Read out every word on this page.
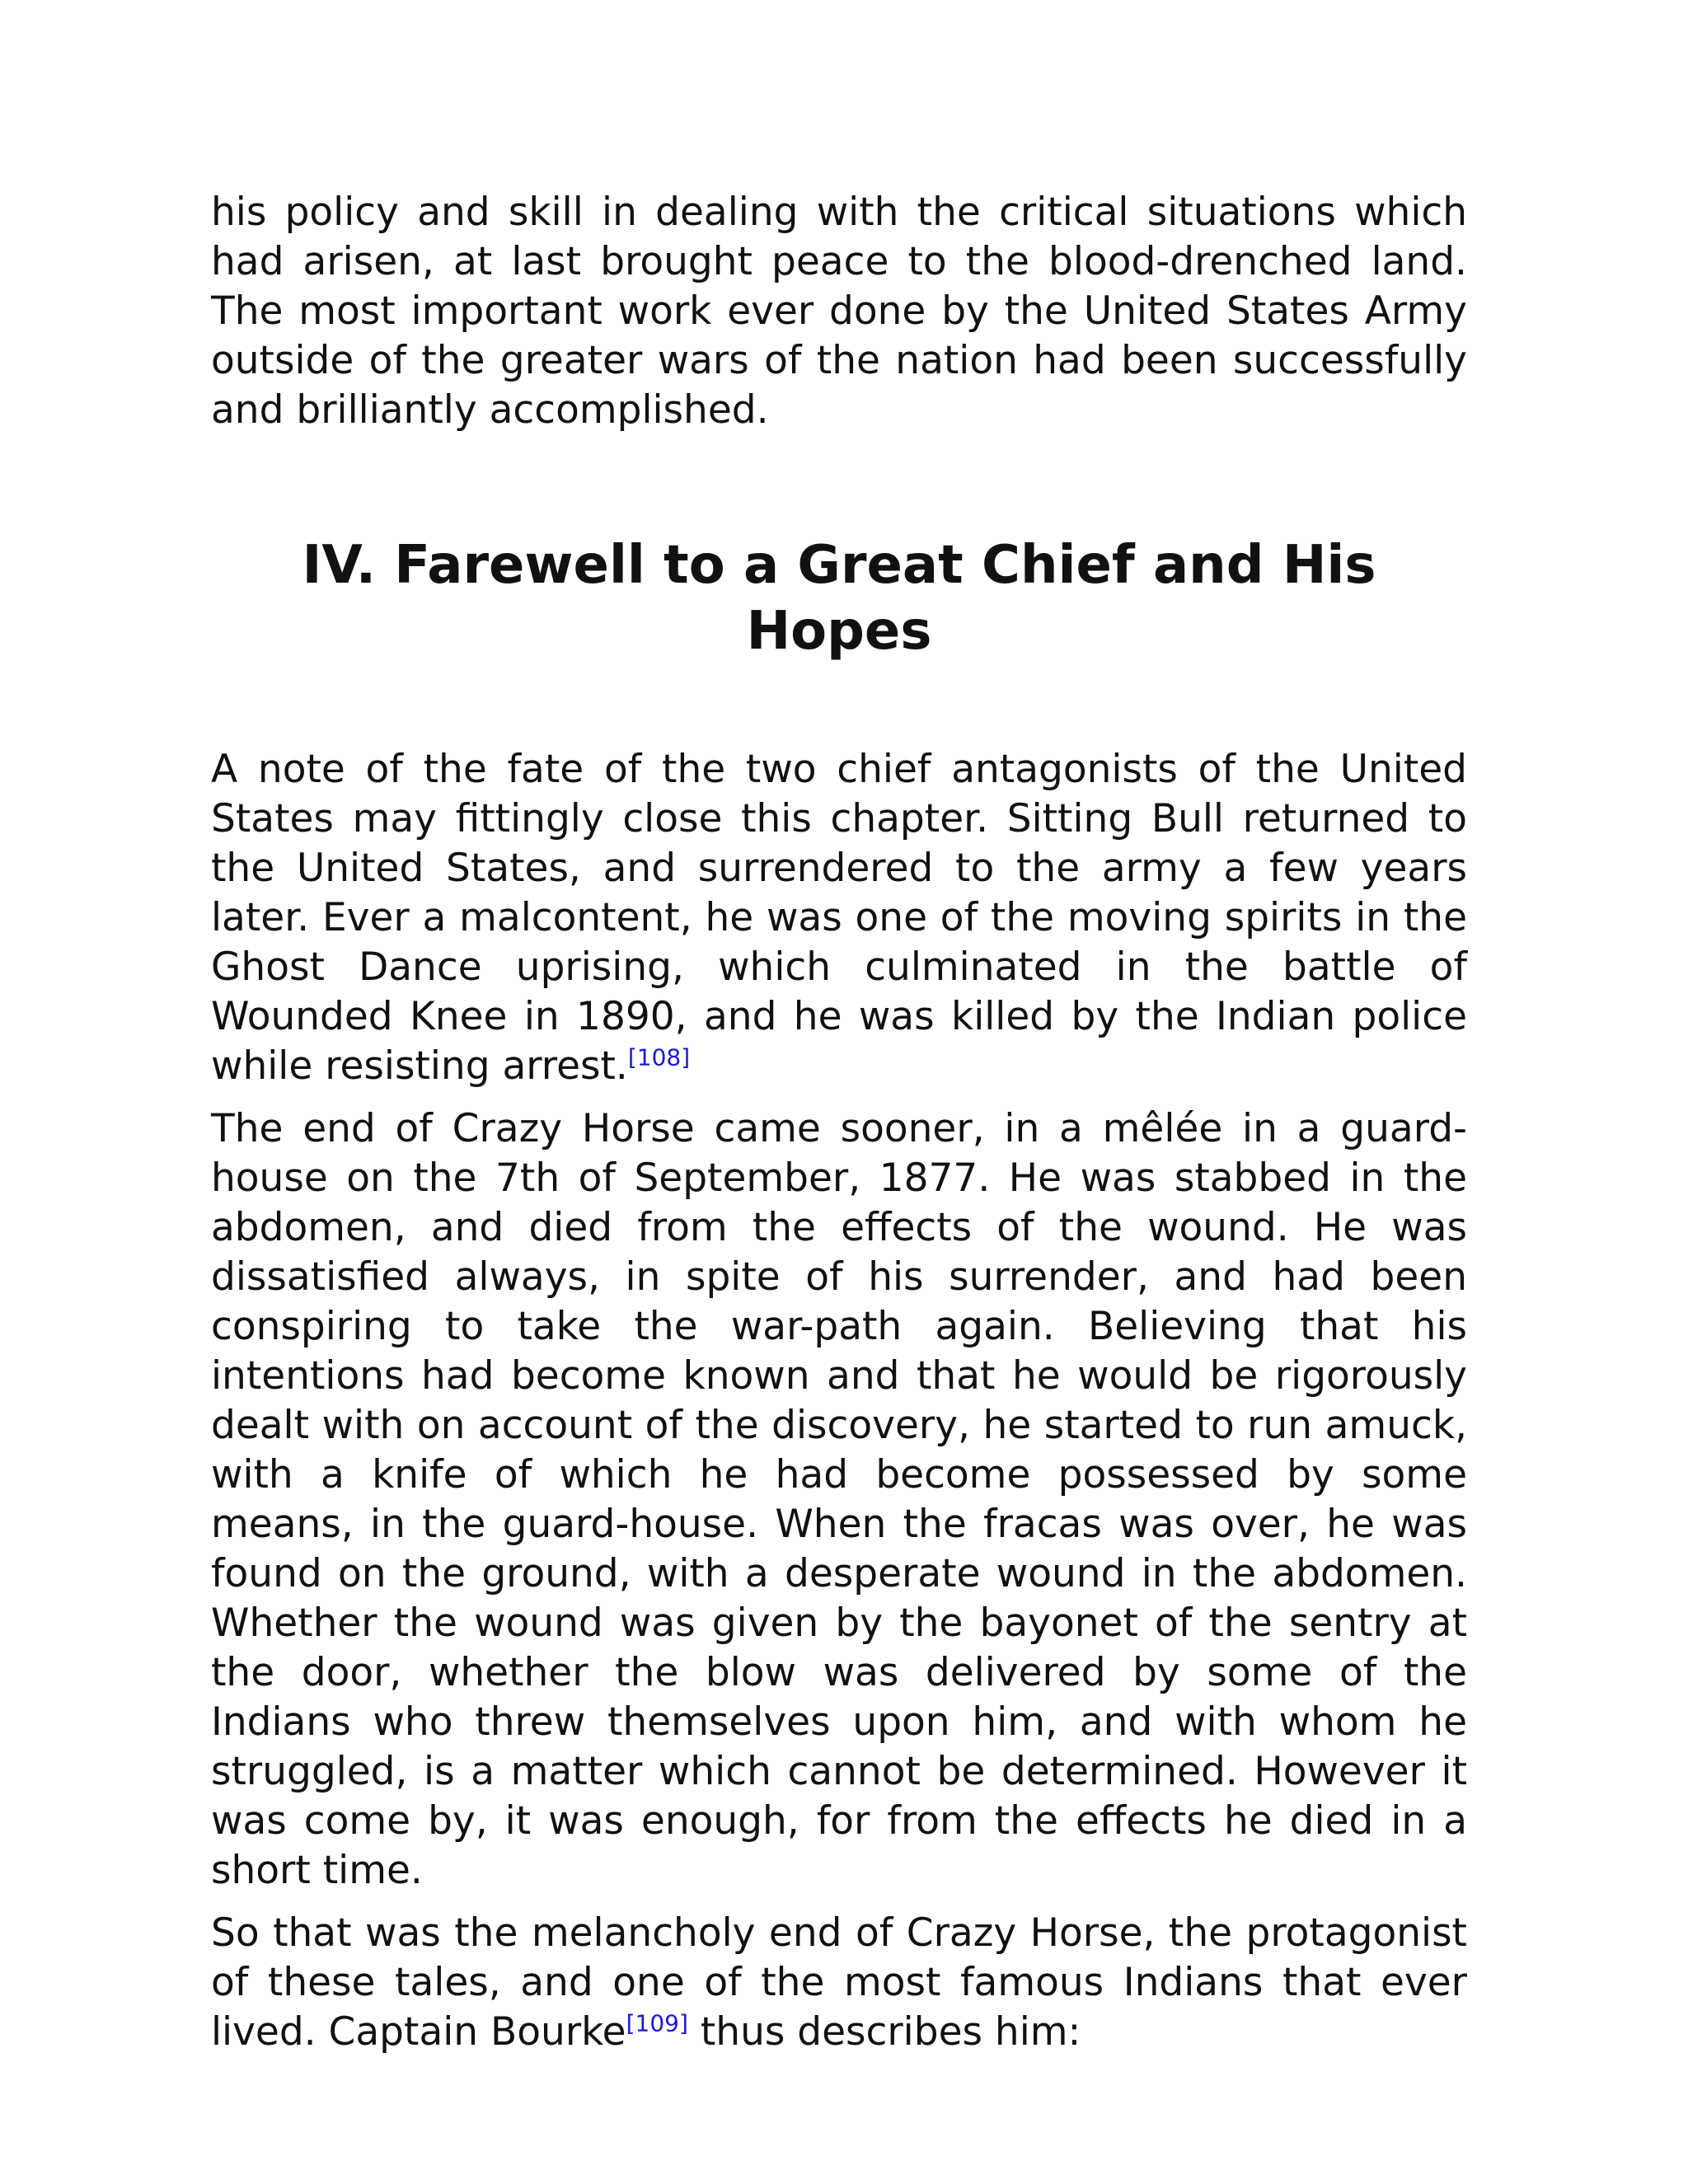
his policy and skill in dealing with the critical situations which had arisen, at last brought peace to the blood-drenched land. The most important work ever done by the United States Army outside of the greater wars of the nation had been successfully and brilliantly accomplished.

IV. Farewell to a Great Chief and His Hopes

A note of the fate of the two chief antagonists of the United States may fittingly close this chapter. Sitting Bull returned to the United States, and surrendered to the army a few years later. Ever a malcontent, he was one of the moving spirits in the Ghost Dance uprising, which culminated in the battle of Wounded Knee in 1890, and he was killed by the Indian police while resisting arrest.[108]

The end of Crazy Horse came sooner, in a mêlée in a guard-house on the 7th of September, 1877. He was stabbed in the abdomen, and died from the effects of the wound. He was dissatisfied always, in spite of his surrender, and had been conspiring to take the war-path again. Believing that his intentions had become known and that he would be rigorously dealt with on account of the discovery, he started to run amuck, with a knife of which he had become possessed by some means, in the guard-house. When the fracas was over, he was found on the ground, with a desperate wound in the abdomen. Whether the wound was given by the bayonet of the sentry at the door, whether the blow was delivered by some of the Indians who threw themselves upon him, and with whom he struggled, is a matter which cannot be determined. However it was come by, it was enough, for from the effects he died in a short time.

So that was the melancholy end of Crazy Horse, the protagonist of these tales, and one of the most famous Indians that ever lived. Captain Bourke[109] thus describes him:
